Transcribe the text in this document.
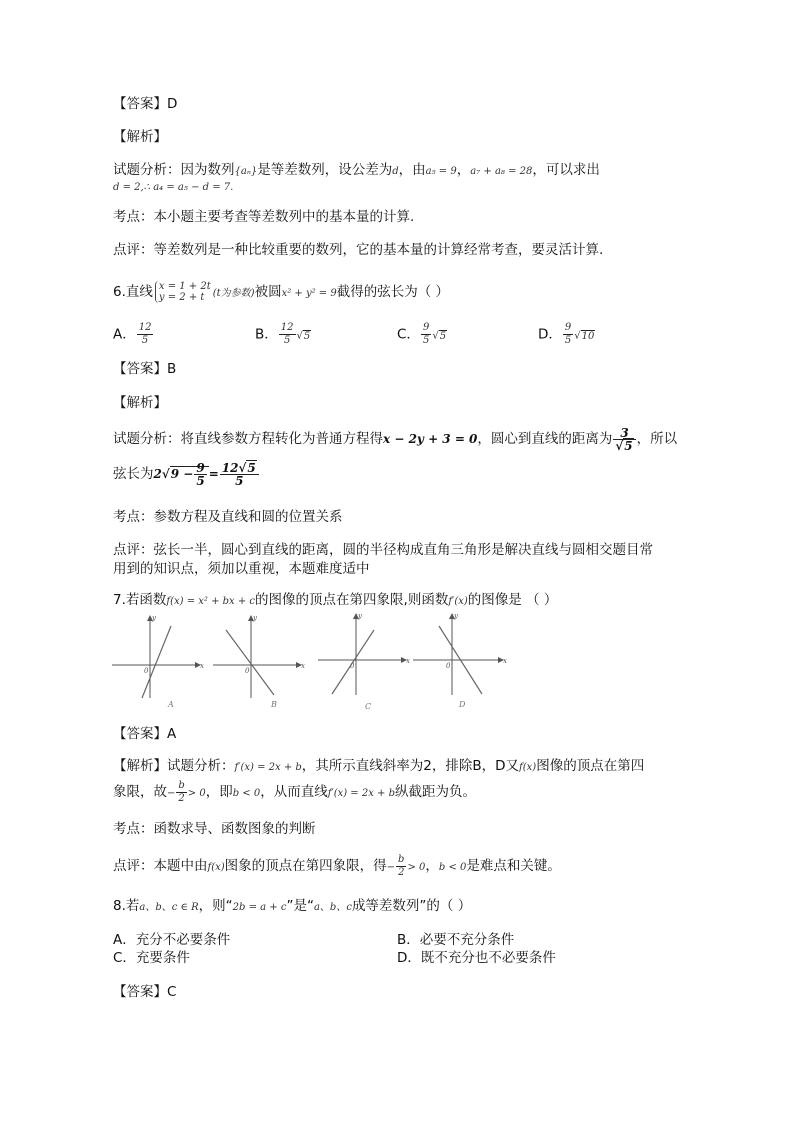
【答案】D
【解析】
试题分析：因为数列{aₙ}是等差数列，设公差为d，由a₅ = 9，a₇ + a₈ = 28，可以求出
d = 2,∴ a₄ = a₅ − d = 7.
考点：本小题主要考查等差数列中的基本量的计算.
点评：等差数列是一种比较重要的数列，它的基本量的计算经常考查，要灵活计算.
6.直线 x = 1 + 2t
y = 2 + t (t为参数)被圆x² + y² = 9截得的弦长为（ ）
A． $\frac{12}{5}$	B． $\frac{12}{5} √5$	C． $\frac{9}{5} √5$	D． $\frac{9}{5} √10$
【答案】B
【解析】
试题分析：将直线参数方程转化为普通方程得x − 2y + 3 = 0，圆心到直线的距离为 $\frac{3}{√5}$ ，所以
弦长为$2√9 - \frac{9}{5} = \frac{12√5}{5}$
考点：参数方程及直线和圆的位置关系
点评：弦长一半，圆心到直线的距离，圆的半径构成直角三角形是解决直线与圆相交题目常
用到的知识点，须加以重视，本题难度适中
7.若函数f(x) = x² + bx + c的图像的顶点在第四象限,则函数f′(x)的图像是 （ ）
x
y
0
A
x
y
0
B
x
y
0
C
x
y
0
D
【答案】A
【解析】试题分析：f′(x) = 2x + b，其所示直线斜率为2，排除B，D又f(x)图像的顶点在第四
象限，故− $\frac{b}{2} > 0$，即b < 0，从而直线f′(x) = 2x + b纵截距为负。
考点：函数求导、函数图象的判断
点评：本题中由f(x)图象的顶点在第四象限，得− $\frac{b}{2} > 0$，b < 0是难点和关键。
8.若a、b、c ∈ R，则“2b = a + c”是“a、b、c成等差数列”的（ ）
A．充分不必要条件	B．必要不充分条件
C．充要条件	D．既不充分也不必要条件
【答案】C
